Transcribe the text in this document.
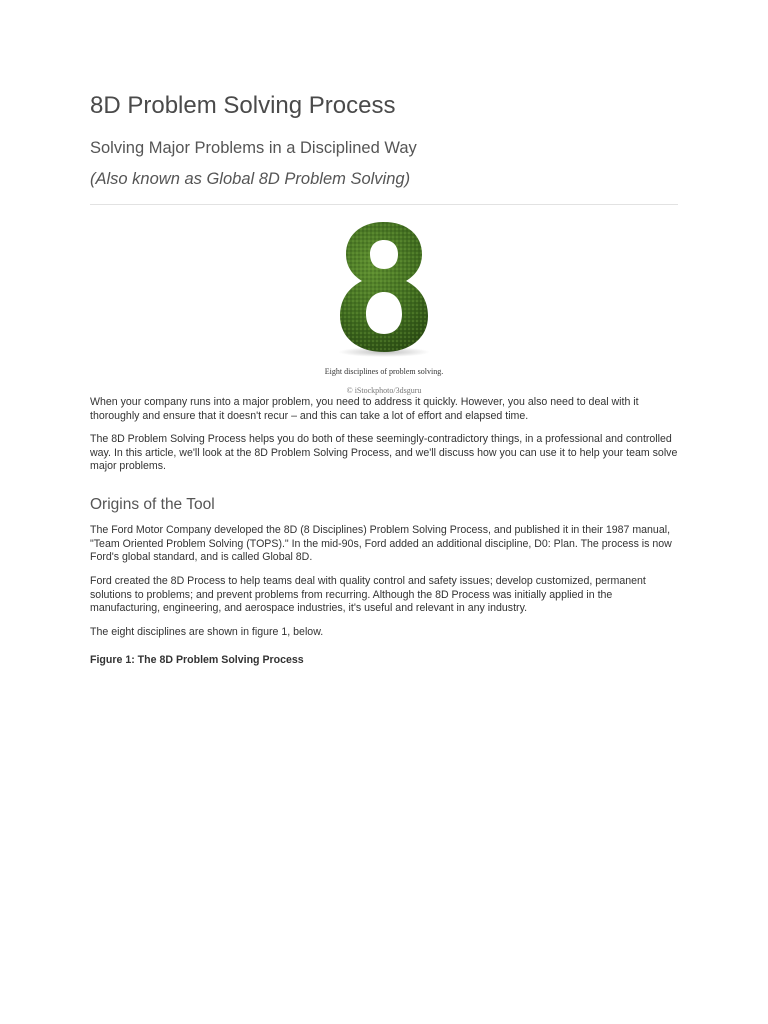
8D Problem Solving Process
Solving Major Problems in a Disciplined Way
(Also known as Global 8D Problem Solving)
Eight disciplines of problem solving.
© iStockphoto/3dsguru

When your company runs into a major problem, you need to address it quickly. However, you also need to deal with it thoroughly and ensure that it doesn't recur – and this can take a lot of effort and elapsed time.

The 8D Problem Solving Process helps you do both of these seemingly-contradictory things, in a professional and controlled way. In this article, we'll look at the 8D Problem Solving Process, and we'll discuss how you can use it to help your team solve major problems.

Origins of the Tool

The Ford Motor Company developed the 8D (8 Disciplines) Problem Solving Process, and published it in their 1987 manual, "Team Oriented Problem Solving (TOPS)." In the mid-90s, Ford added an additional discipline, D0: Plan. The process is now Ford's global standard, and is called Global 8D.

Ford created the 8D Process to help teams deal with quality control and safety issues; develop customized, permanent solutions to problems; and prevent problems from recurring. Although the 8D Process was initially applied in the manufacturing, engineering, and aerospace industries, it's useful and relevant in any industry.

The eight disciplines are shown in figure 1, below.

Figure 1: The 8D Problem Solving Process
